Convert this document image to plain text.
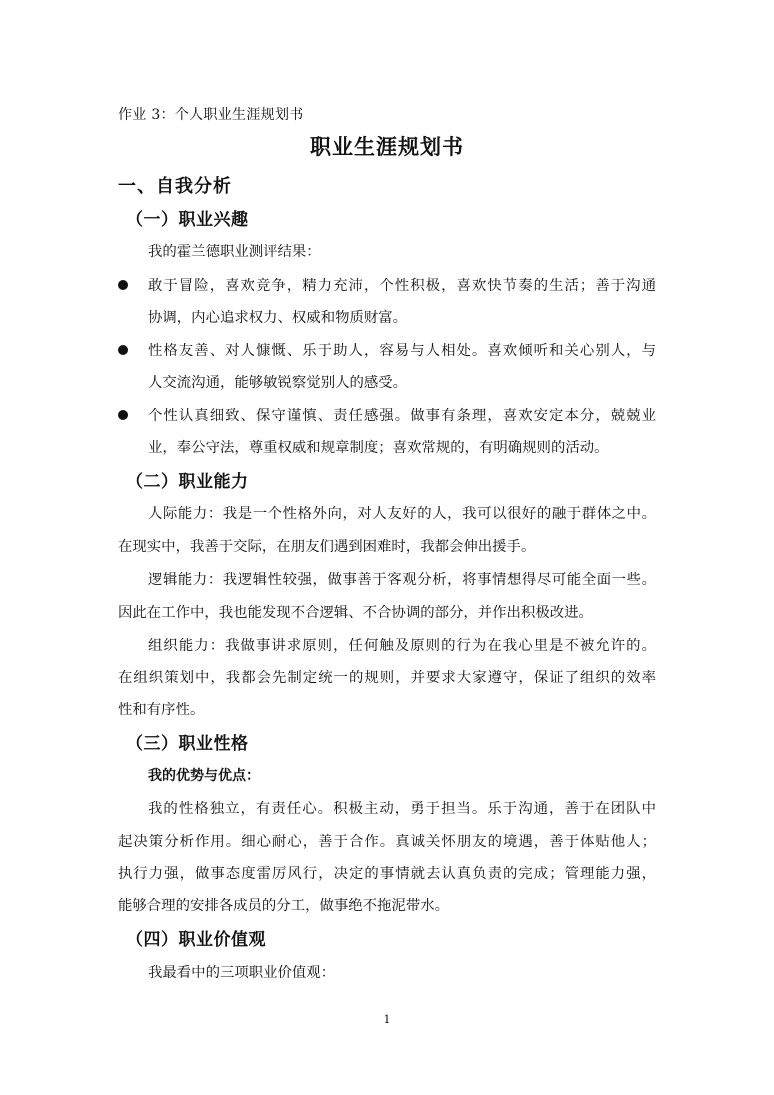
作业 3：个人职业生涯规划书
职业生涯规划书
一、自我分析
（一）职业兴趣
我的霍兰德职业测评结果：
敢于冒险，喜欢竞争，精力充沛，个性积极，喜欢快节奏的生活；善于沟通
协调，内心追求权力、权威和物质财富。
性格友善、对人慷慨、乐于助人，容易与人相处。喜欢倾听和关心别人，与
人交流沟通，能够敏锐察觉别人的感受。
个性认真细致、保守谨慎、责任感强。做事有条理，喜欢安定本分，兢兢业
业，奉公守法，尊重权威和规章制度；喜欢常规的，有明确规则的活动。
（二）职业能力
人际能力：我是一个性格外向，对人友好的人，我可以很好的融于群体之中。
在现实中，我善于交际，在朋友们遇到困难时，我都会伸出援手。
逻辑能力：我逻辑性较强，做事善于客观分析，将事情想得尽可能全面一些。
因此在工作中，我也能发现不合逻辑、不合协调的部分，并作出积极改进。
组织能力：我做事讲求原则，任何触及原则的行为在我心里是不被允许的。
在组织策划中，我都会先制定统一的规则，并要求大家遵守，保证了组织的效率
性和有序性。
（三）职业性格
我的优势与优点：
我的性格独立，有责任心。积极主动，勇于担当。乐于沟通，善于在团队中
起决策分析作用。细心耐心，善于合作。真诚关怀朋友的境遇，善于体贴他人；
执行力强，做事态度雷厉风行，决定的事情就去认真负责的完成；管理能力强，
能够合理的安排各成员的分工，做事绝不拖泥带水。
（四）职业价值观
我最看中的三项职业价值观：
1
